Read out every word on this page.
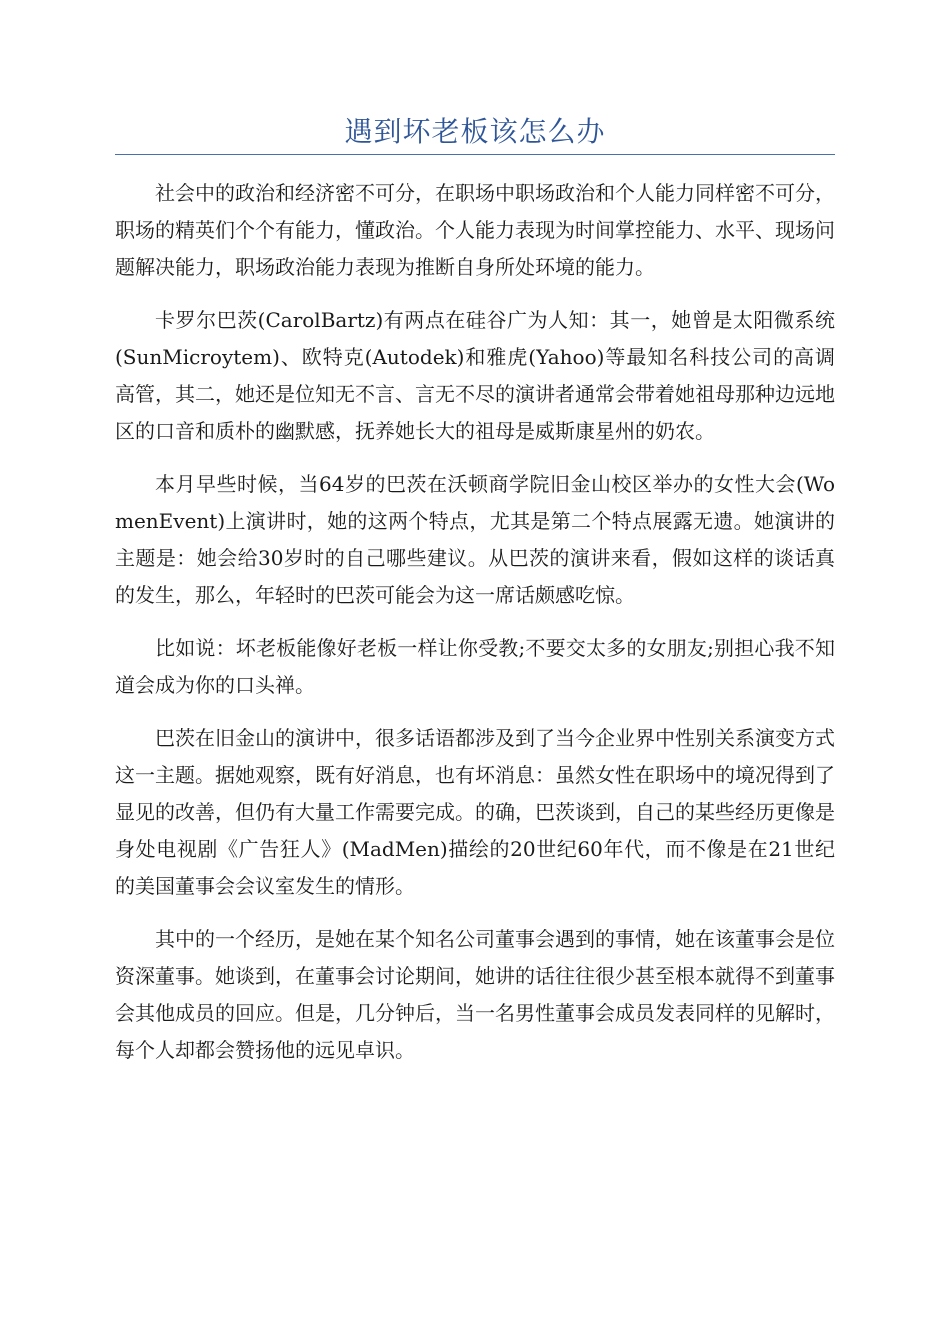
遇到坏老板该怎么办

社会中的政治和经济密不可分，在职场中职场政治和个人能力同样密不可分，职场的精英们个个有能力，懂政治。个人能力表现为时间掌控能力、水平、现场问题解决能力，职场政治能力表现为推断自身所处环境的能力。

卡罗尔巴茨(CarolBartz)有两点在硅谷广为人知：其一，她曾是太阳微系统(SunMicroytem)、欧特克(Autodek)和雅虎(Yahoo)等最知名科技公司的高调高管，其二，她还是位知无不言、言无不尽的演讲者通常会带着她祖母那种边远地区的口音和质朴的幽默感，抚养她长大的祖母是威斯康星州的奶农。

本月早些时候，当64岁的巴茨在沃顿商学院旧金山校区举办的女性大会(WomenEvent)上演讲时，她的这两个特点，尤其是第二个特点展露无遗。她演讲的主题是：她会给30岁时的自己哪些建议。从巴茨的演讲来看，假如这样的谈话真的发生，那么，年轻时的巴茨可能会为这一席话颇感吃惊。

比如说：坏老板能像好老板一样让你受教;不要交太多的女朋友;别担心我不知道会成为你的口头禅。

巴茨在旧金山的演讲中，很多话语都涉及到了当今企业界中性别关系演变方式这一主题。据她观察，既有好消息，也有坏消息：虽然女性在职场中的境况得到了显见的改善，但仍有大量工作需要完成。的确，巴茨谈到，自己的某些经历更像是身处电视剧《广告狂人》(MadMen)描绘的20世纪60年代，而不像是在21世纪的美国董事会会议室发生的情形。

其中的一个经历，是她在某个知名公司董事会遇到的事情，她在该董事会是位资深董事。她谈到，在董事会讨论期间，她讲的话往往很少甚至根本就得不到董事会其他成员的回应。但是，几分钟后，当一名男性董事会成员发表同样的见解时，每个人却都会赞扬他的远见卓识。
